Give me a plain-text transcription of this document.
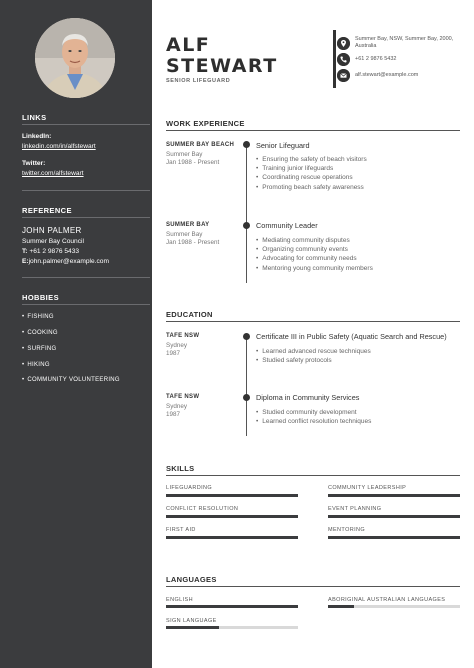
LINKS
LinkedIn:
linkedin.com/in/alfstewart
Twitter:
twitter.com/alfstewart
REFERENCE
JOHN PALMER
Summer Bay Council
T: +61 2 9876 5433
E:john.palmer@example.com
HOBBIES
• FISHING
• COOKING
• SURFING
• HIKING
• COMMUNITY VOLUNTEERING
ALF
STEWART
SENIOR LIFEGUARD
Summer Bay, NSW, Summer Bay, 2000,
Australia
+61 2 9876 5432
alf.stewart@example.com
WORK EXPERIENCE
SUMMER BAY BEACH
Summer Bay
Jan 1988 - Present
Senior Lifeguard
• Ensuring the safety of beach visitors
• Training junior lifeguards
• Coordinating rescue operations
• Promoting beach safety awareness
SUMMER BAY
Summer Bay
Jan 1988 - Present
Community Leader
• Mediating community disputes
• Organizing community events
• Advocating for community needs
• Mentoring young community members
EDUCATION
TAFE NSW
Sydney
1987
Certificate III in Public Safety (Aquatic Search and Rescue)
• Learned advanced rescue techniques
• Studied safety protocols
TAFE NSW
Sydney
1987
Diploma in Community Services
• Studied community development
• Learned conflict resolution techniques
SKILLS
LIFEGUARDING	COMMUNITY LEADERSHIP
CONFLICT RESOLUTION	EVENT PLANNING
FIRST AID	MENTORING
LANGUAGES
ENGLISH	ABORIGINAL AUSTRALIAN LANGUAGES
SIGN LANGUAGE
